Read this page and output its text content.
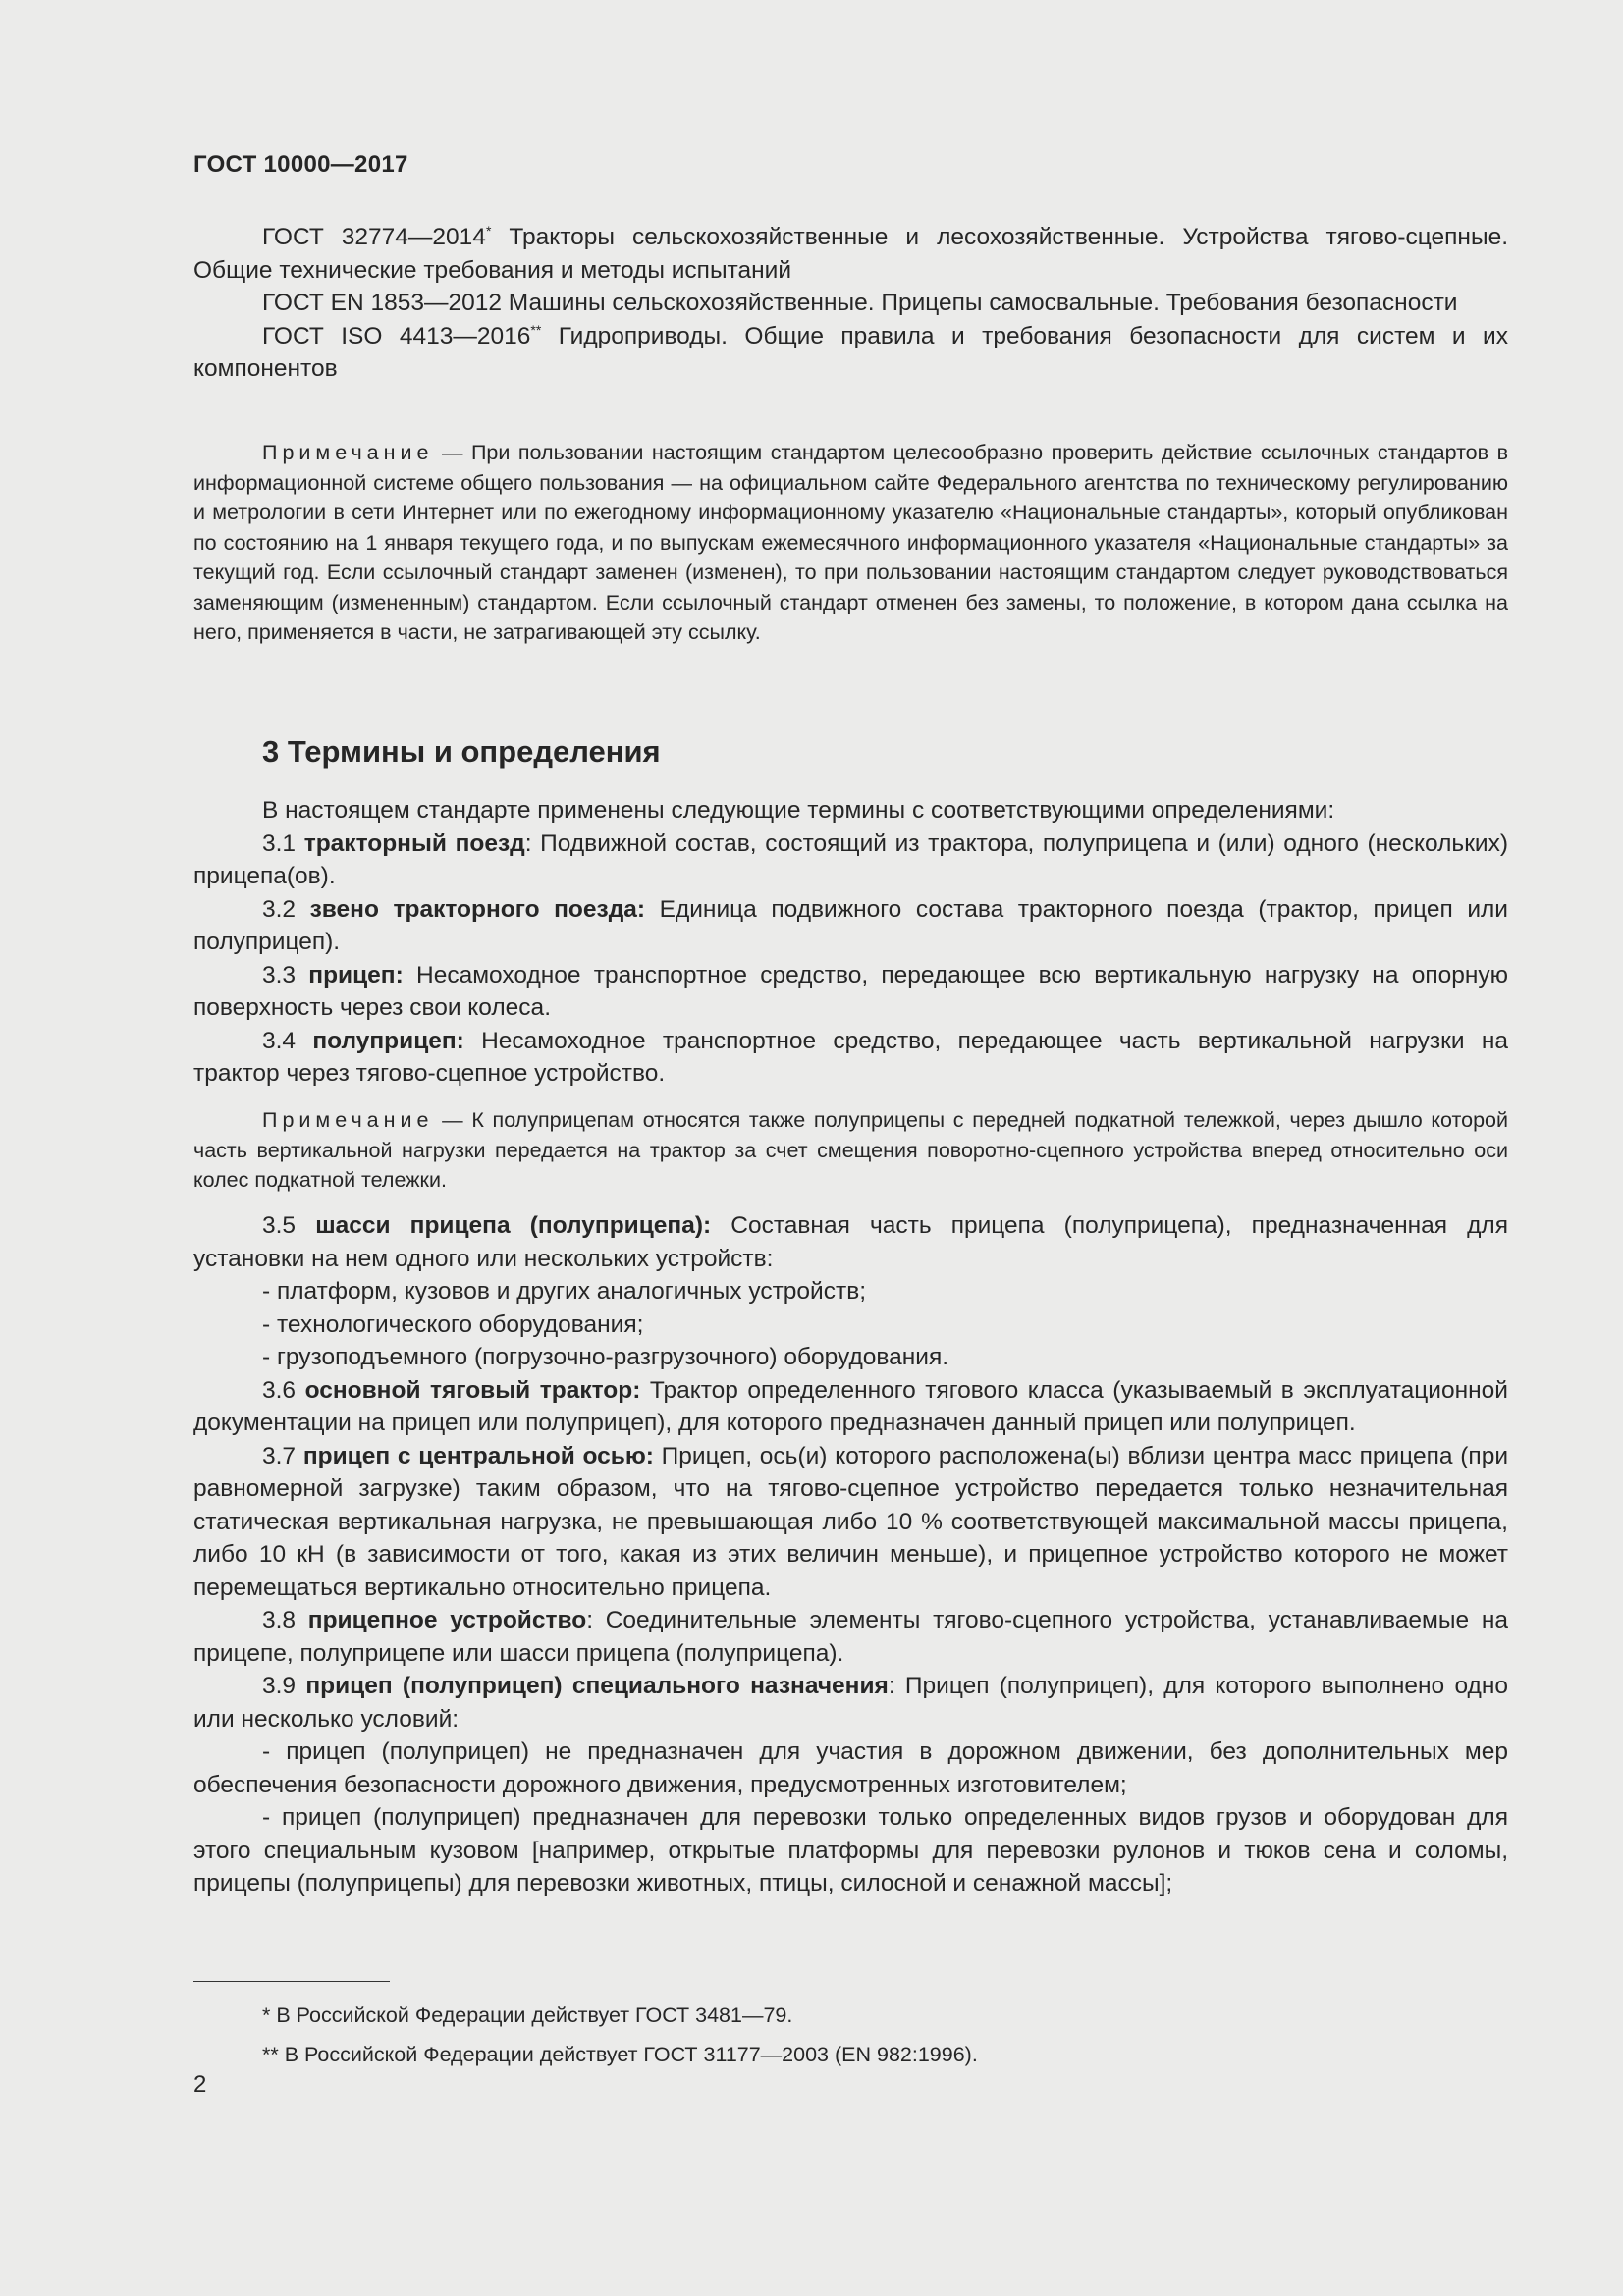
ГОСТ 10000—2017

ГОСТ 32774—2014* Тракторы сельскохозяйственные и лесохозяйственные. Устройства тягово-сцепные. Общие технические требования и методы испытаний

ГОСТ EN 1853—2012 Машины сельскохозяйственные. Прицепы самосвальные. Требования безопасности

ГОСТ ISO 4413—2016** Гидроприводы. Общие правила и требования безопасности для систем и их компонентов

Примечание — При пользовании настоящим стандартом целесообразно проверить действие ссылочных стандартов в информационной системе общего пользования — на официальном сайте Федерального агентства по техническому регулированию и метрологии в сети Интернет или по ежегодному информационному указателю «Национальные стандарты», который опубликован по состоянию на 1 января текущего года, и по выпускам ежемесячного информационного указателя «Национальные стандарты» за текущий год. Если ссылочный стандарт заменен (изменен), то при пользовании настоящим стандартом следует руководствоваться заменяющим (измененным) стандартом. Если ссылочный стандарт отменен без замены, то положение, в котором дана ссылка на него, применяется в части, не затрагивающей эту ссылку.

3 Термины и определения

В настоящем стандарте применены следующие термины с соответствующими определениями:

3.1 тракторный поезд: Подвижной состав, состоящий из трактора, полуприцепа и (или) одного (нескольких) прицепа(ов).

3.2 звено тракторного поезда: Единица подвижного состава тракторного поезда (трактор, прицеп или полуприцеп).

3.3 прицеп: Несамоходное транспортное средство, передающее всю вертикальную нагрузку на опорную поверхность через свои колеса.

3.4 полуприцеп: Несамоходное транспортное средство, передающее часть вертикальной нагрузки на трактор через тягово-сцепное устройство.

Примечание — К полуприцепам относятся также полуприцепы с передней подкатной тележкой, через дышло которой часть вертикальной нагрузки передается на трактор за счет смещения поворотно-сцепного устройства вперед относительно оси колес подкатной тележки.

3.5 шасси прицепа (полуприцепа): Составная часть прицепа (полуприцепа), предназначенная для установки на нем одного или нескольких устройств:

- платформ, кузовов и других аналогичных устройств;

- технологического оборудования;

- грузоподъемного (погрузочно-разгрузочного) оборудования.

3.6 основной тяговый трактор: Трактор определенного тягового класса (указываемый в эксплуатационной документации на прицеп или полуприцеп), для которого предназначен данный прицеп или полуприцеп.

3.7 прицеп с центральной осью: Прицеп, ось(и) которого расположена(ы) вблизи центра масс прицепа (при равномерной загрузке) таким образом, что на тягово-сцепное устройство передается только незначительная статическая вертикальная нагрузка, не превышающая либо 10 % соответствующей максимальной массы прицепа, либо 10 кН (в зависимости от того, какая из этих величин меньше), и прицепное устройство которого не может перемещаться вертикально относительно прицепа.

3.8 прицепное устройство: Соединительные элементы тягово-сцепного устройства, устанавливаемые на прицепе, полуприцепе или шасси прицепа (полуприцепа).

3.9 прицеп (полуприцеп) специального назначения: Прицеп (полуприцеп), для которого выполнено одно или несколько условий:

- прицеп (полуприцеп) не предназначен для участия в дорожном движении, без дополнительных мер обеспечения безопасности дорожного движения, предусмотренных изготовителем;

- прицеп (полуприцеп) предназначен для перевозки только определенных видов грузов и оборудован для этого специальным кузовом [например, открытые платформы для перевозки рулонов и тюков сена и соломы, прицепы (полуприцепы) для перевозки животных, птицы, силосной и сенажной массы];

* В Российской Федерации действует ГОСТ 3481—79.

** В Российской Федерации действует ГОСТ 31177—2003 (EN 982:1996).

2
